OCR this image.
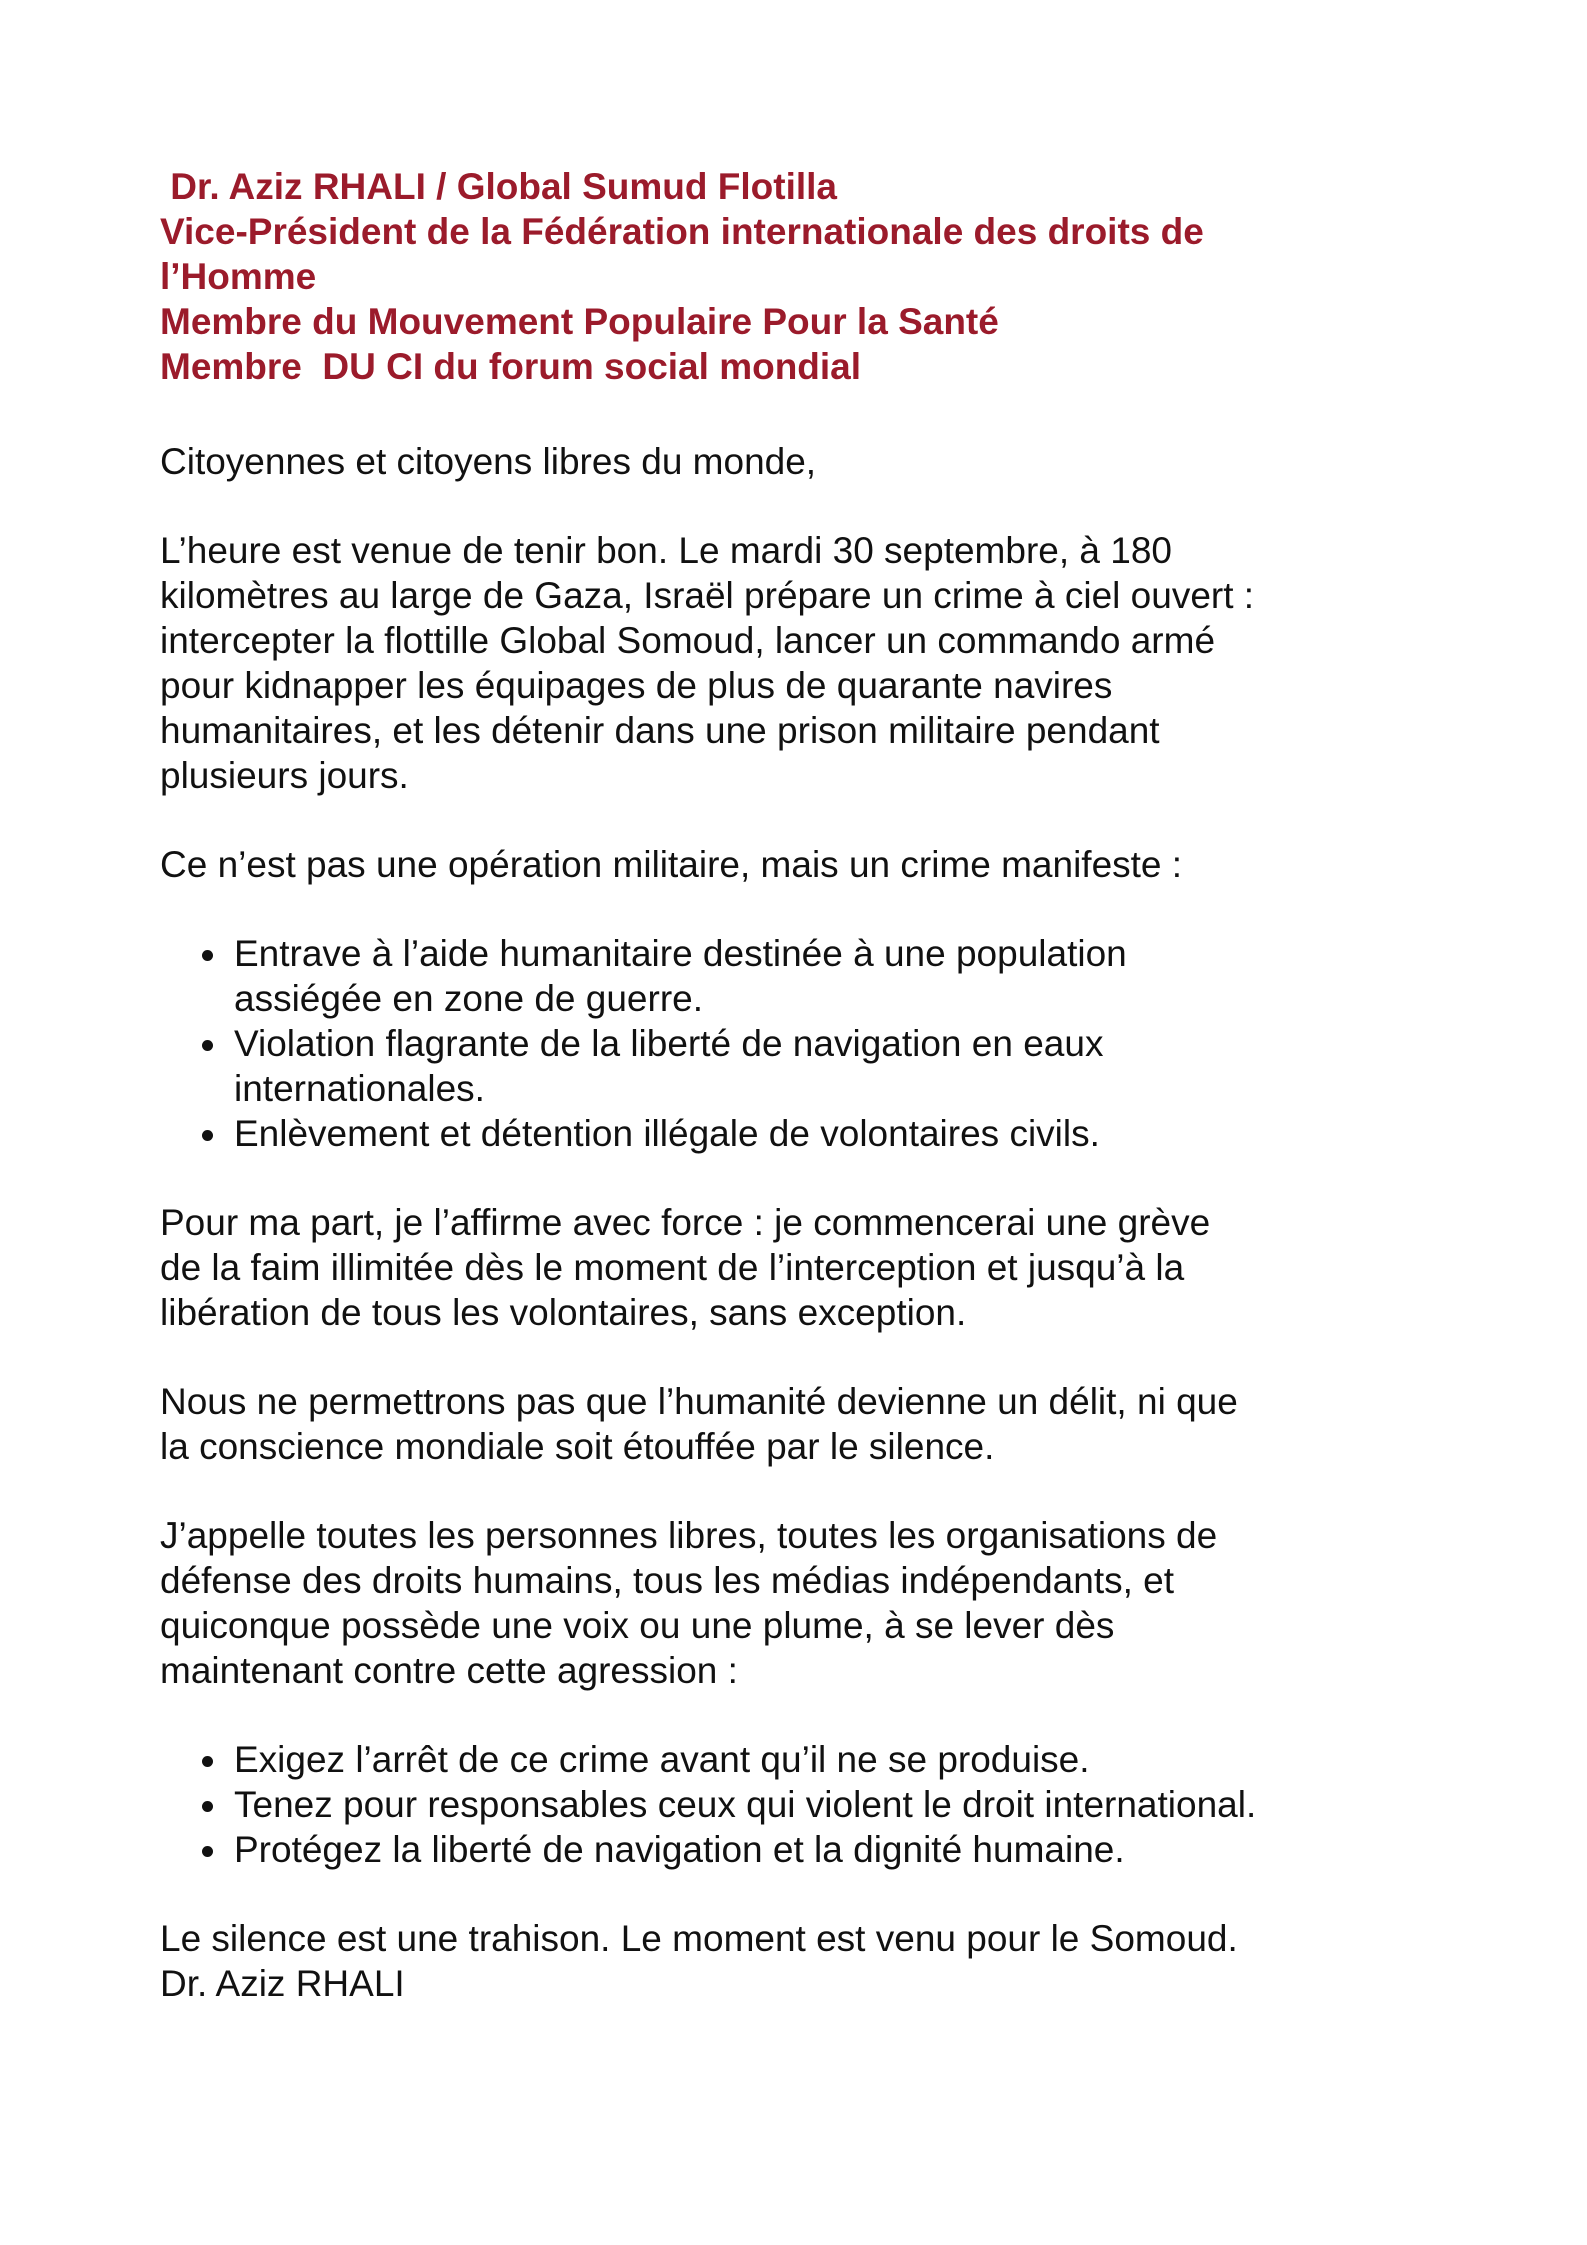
Dr. Aziz RHALI / Global Sumud Flotilla
Vice-Président de la Fédération internationale des droits de
l’Homme
Membre du Mouvement Populaire Pour la Santé
Membre  DU CI du forum social mondial

Citoyennes et citoyens libres du monde,

L’heure est venue de tenir bon. Le mardi 30 septembre, à 180
kilomètres au large de Gaza, Israël prépare un crime à ciel ouvert :
intercepter la flottille Global Somoud, lancer un commando armé
pour kidnapper les équipages de plus de quarante navires
humanitaires, et les détenir dans une prison militaire pendant
plusieurs jours.

Ce n’est pas une opération militaire, mais un crime manifeste :

Entrave à l’aide humanitaire destinée à une population
assiégée en zone de guerre.
Violation flagrante de la liberté de navigation en eaux
internationales.
Enlèvement et détention illégale de volontaires civils.

Pour ma part, je l’affirme avec force : je commencerai une grève
de la faim illimitée dès le moment de l’interception et jusqu’à la
libération de tous les volontaires, sans exception.

Nous ne permettrons pas que l’humanité devienne un délit, ni que
la conscience mondiale soit étouffée par le silence.

J’appelle toutes les personnes libres, toutes les organisations de
défense des droits humains, tous les médias indépendants, et
quiconque possède une voix ou une plume, à se lever dès
maintenant contre cette agression :

Exigez l’arrêt de ce crime avant qu’il ne se produise.
Tenez pour responsables ceux qui violent le droit international.
Protégez la liberté de navigation et la dignité humaine.
Le silence est une trahison. Le moment est venu pour le Somoud.
Dr. Aziz RHALI
